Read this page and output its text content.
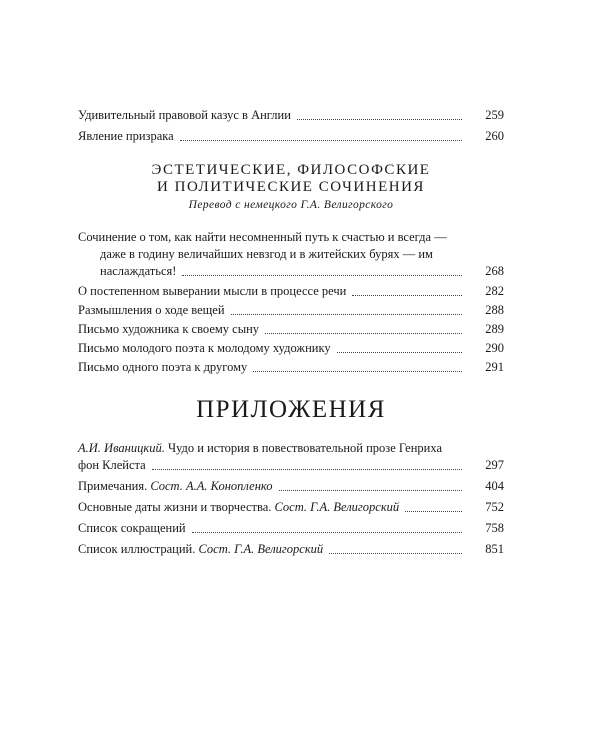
Удивительный правовой казус в Англии	259
Явление призрака	260
ЭСТЕТИЧЕСКИЕ, ФИЛОСОФСКИЕ
И ПОЛИТИЧЕСКИЕ СОЧИНЕНИЯ
Перевод с немецкого Г.А. Велигорского
Сочинение о том, как найти несомненный путь к счастью и всегда —
даже в годину величайших невзгод и в житейских бурях — им
наслаждаться!	268
О постепенном выверании мысли в процессе речи	282
Размышления о ходе вещей	288
Письмо художника к своему сыну	289
Письмо молодого поэта к молодому художнику	290
Письмо одного поэта к другому	291
ПРИЛОЖЕНИЯ
А.И. Иваницкий. Чудо и история в повествовательной прозе Генриха
фон Клейста	297
Примечания. Сост. А.А. Конопленко	404
Основные даты жизни и творчества. Сост. Г.А. Велигорский	752
Список сокращений	758
Список иллюстраций. Сост. Г.А. Велигорский	851
